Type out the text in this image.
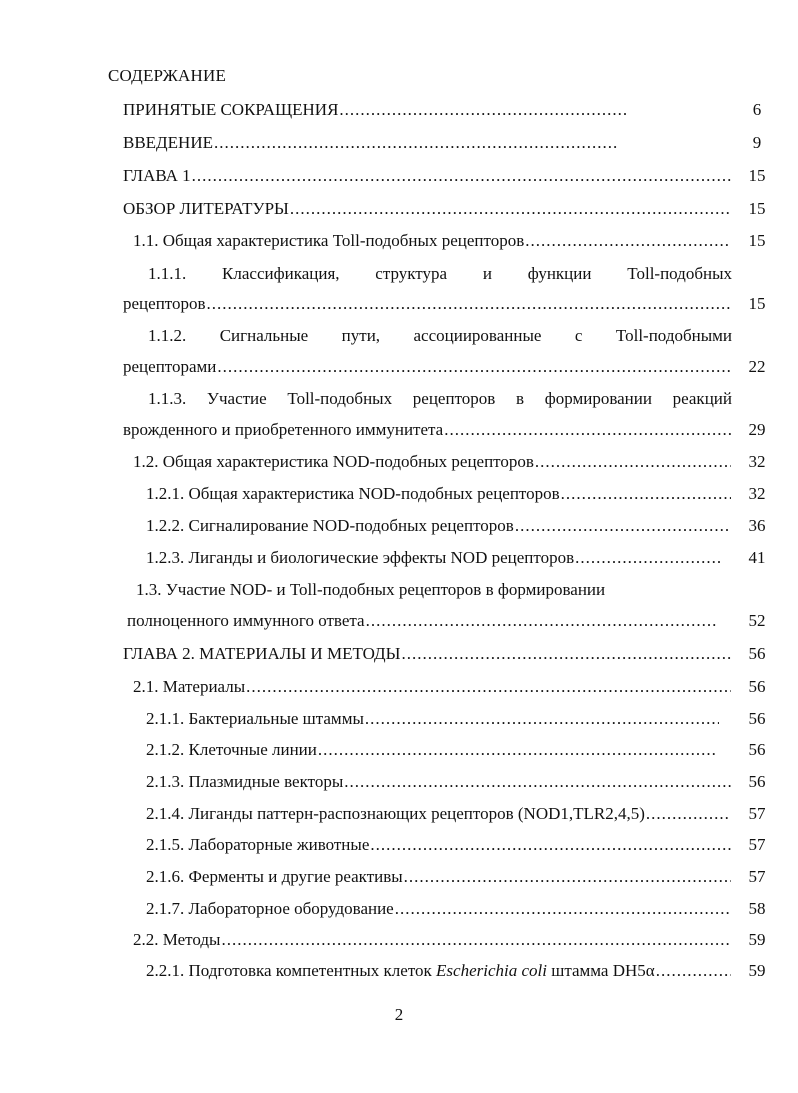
СОДЕРЖАНИЕ
ПРИНЯТЫЕ СОКРАЩЕНИЯ .....	6
ВВЕДЕНИЕ .....	9
ГЛАВА 1 .....	15
ОБЗОР ЛИТЕРАТУРЫ .....	15
1.1. Общая характеристика Toll-подобных рецепторов .....	15
1.1.1. Классификация, структура и функции Toll-подобных
рецепторов .....	15
1.1.2. Сигнальные пути, ассоциированные с Toll-подобными
рецепторами .....	22
1.1.3. Участие Toll-подобных рецепторов в формировании реакций
врожденного и приобретенного иммунитета .....	29
1.2. Общая характеристика NOD-подобных рецепторов .....	32
1.2.1. Общая характеристика NOD-подобных рецепторов .....	32
1.2.2. Сигналирование NOD-подобных рецепторов .....	36
1.2.3. Лиганды и биологические эффекты NOD рецепторов .....	41
1.3. Участие NOD- и Toll-подобных рецепторов в формировании
полноценного иммунного ответа .....	52
ГЛАВА 2. МАТЕРИАЛЫ И МЕТОДЫ .....	56
2.1. Материалы .....	56
2.1.1. Бактериальные штаммы .....	56
2.1.2. Клеточные линии .....	56
2.1.3. Плазмидные векторы .....	56
2.1.4. Лиганды паттерн-распознающих рецепторов (NOD1,TLR2,4,5) .....	57
2.1.5. Лабораторные животные .....	57
2.1.6. Ферменты и другие реактивы .....	57
2.1.7. Лабораторное оборудование .....	58
2.2. Методы .....	59
2.2.1. Подготовка компетентных клеток Escherichia coli штамма DH5α .....	59
2
